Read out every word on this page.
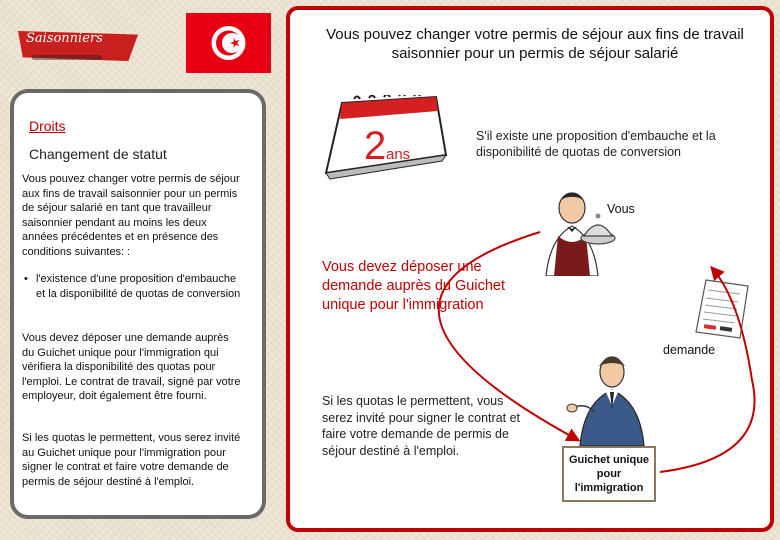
Saisonniers
Droits
Changement de statut
Vous pouvez changer votre permis de séjour aux fins de travail saisonnier pour un permis de séjour salarié en tant que travailleur saisonnier pendant au moins les deux années précédentes et en présence des conditions suivantes: :
• l'existence d'une proposition d'embauche et la disponibilité de quotas de conversion
Vous devez déposer une demande auprès du Guichet unique pour l'immigration qui vérifiera la disponibilité des quotas pour l'emploi. Le contrat de travail, signé par votre employeur, doit également être fourni.
Si les quotas le permettent, vous serez invité au Guichet unique pour l'immigration pour signer le contrat et faire votre demande de permis de séjour destiné à l'emploi.
Vous pouvez changer votre permis de séjour aux fins de travail saisonnier pour un permis de séjour salarié
2 ans
S'il existe une proposition d'embauche et la disponibilité de quotas de conversion
Vous
Vous devez déposer une demande auprès du Guichet unique pour l'immigration
demande
Si les quotas le permettent, vous serez invité pour signer le contrat et faire votre demande de permis de séjour destiné à l'emploi.
Guichet unique pour l'immigration
